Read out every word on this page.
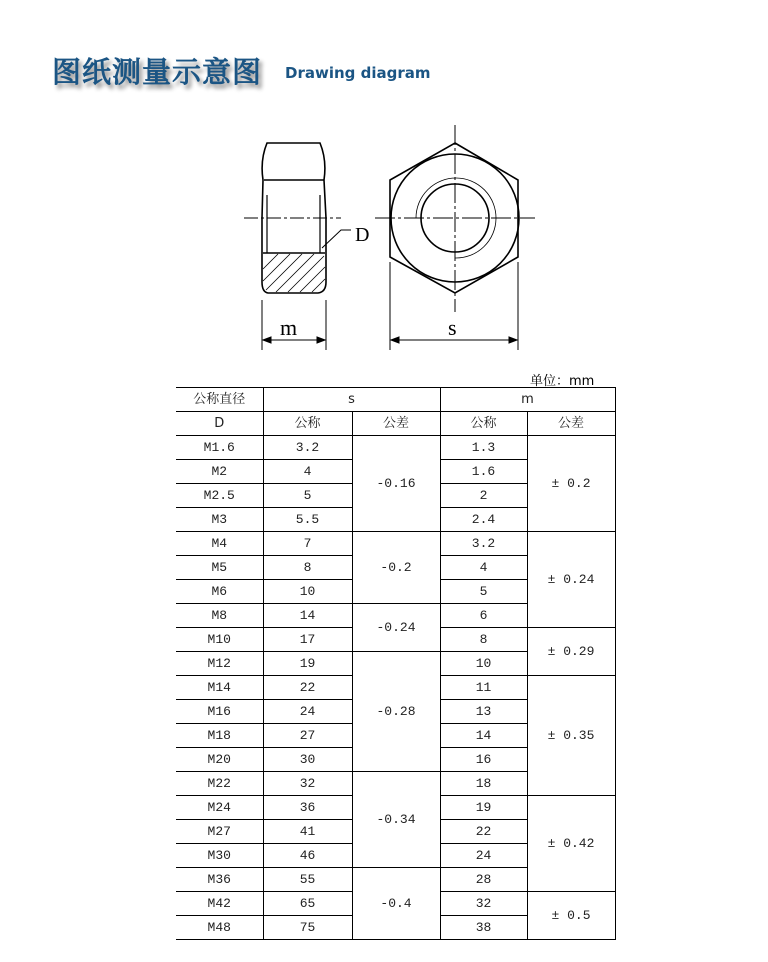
图纸测量示意图 Drawing diagram
D
m	s
单位：mm
公称直径	s		m	
D	公称	公差	公称	公差
M1.6	3.2	-0.16	1.3	± 0.2
M2	4		1.6	
M2.5	5		2	
M3	5.5		2.4	
M4	7	-0.2	3.2	± 0.24
M5	8		4	
M6	10		5	
M8	14	-0.24	6	
M10	17		8	± 0.29
M12	19	-0.28	10	
M14	22		11	± 0.35
M16	24		13	
M18	27		14	
M20	30		16	
M22	32	-0.34	18	
M24	36		19	± 0.42
M27	41		22	
M30	46		24	
M36	55	-0.4	28	
M42	65		32	± 0.5
M48	75		38	
